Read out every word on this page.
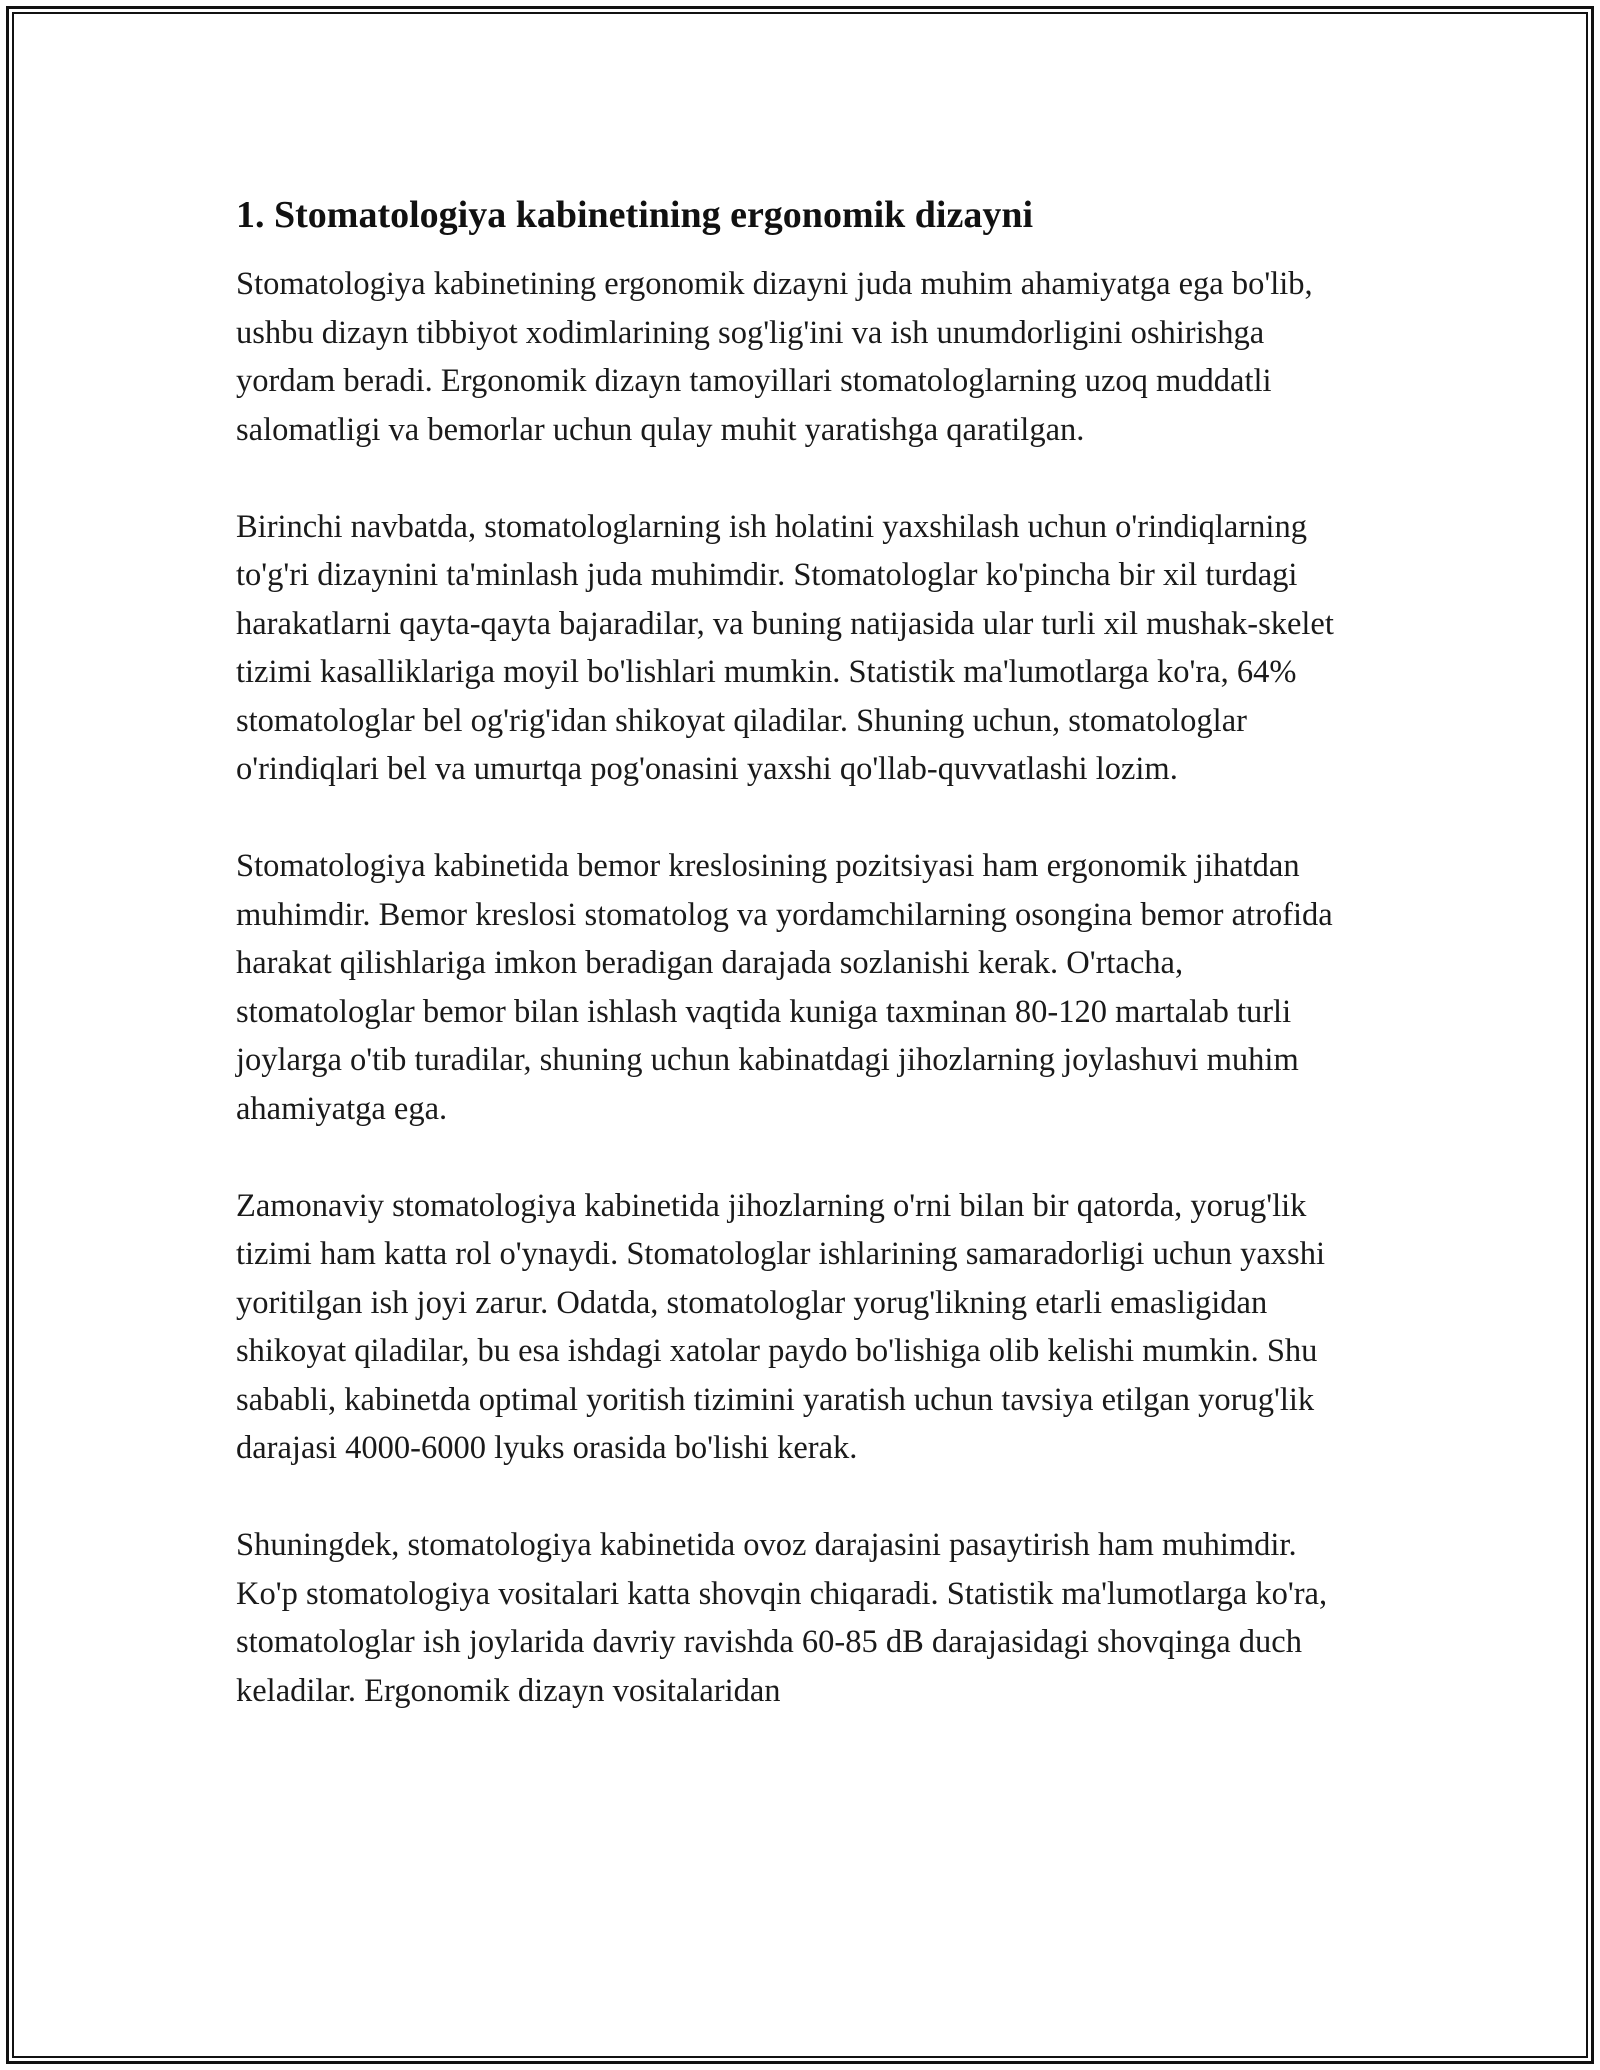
1. Stomatologiya kabinetining ergonomik dizayni

Stomatologiya kabinetining ergonomik dizayni juda muhim ahamiyatga ega bo'lib, ushbu dizayn tibbiyot xodimlarining sog'lig'ini va ish unumdorligini oshirishga yordam beradi. Ergonomik dizayn tamoyillari stomatologlarning uzoq muddatli salomatligi va bemorlar uchun qulay muhit yaratishga qaratilgan.

Birinchi navbatda, stomatologlarning ish holatini yaxshilash uchun o'rindiqlarning to'g'ri dizaynini ta'minlash juda muhimdir. Stomatologlar ko'pincha bir xil turdagi harakatlarni qayta-qayta bajaradilar, va buning natijasida ular turli xil mushak-skelet tizimi kasalliklariga moyil bo'lishlari mumkin. Statistik ma'lumotlarga ko'ra, 64% stomatologlar bel og'rig'idan shikoyat qiladilar. Shuning uchun, stomatologlar o'rindiqlari bel va umurtqa pog'onasini yaxshi qo'llab-quvvatlashi lozim.

Stomatologiya kabinetida bemor kreslosining pozitsiyasi ham ergonomik jihatdan muhimdir. Bemor kreslosi stomatolog va yordamchilarning osongina bemor atrofida harakat qilishlariga imkon beradigan darajada sozlanishi kerak. O'rtacha, stomatologlar bemor bilan ishlash vaqtida kuniga taxminan 80-120 martalab turli joylarga o'tib turadilar, shuning uchun kabinatdagi jihozlarning joylashuvi muhim ahamiyatga ega.

Zamonaviy stomatologiya kabinetida jihozlarning o'rni bilan bir qatorda, yorug'lik tizimi ham katta rol o'ynaydi. Stomatologlar ishlarining samaradorligi uchun yaxshi yoritilgan ish joyi zarur. Odatda, stomatologlar yorug'likning etarli emasligidan shikoyat qiladilar, bu esa ishdagi xatolar paydo bo'lishiga olib kelishi mumkin. Shu sababli, kabinetda optimal yoritish tizimini yaratish uchun tavsiya etilgan yorug'lik darajasi 4000-6000 lyuks orasida bo'lishi kerak.

Shuningdek, stomatologiya kabinetida ovoz darajasini pasaytirish ham muhimdir. Ko'p stomatologiya vositalari katta shovqin chiqaradi. Statistik ma'lumotlarga ko'ra, stomatologlar ish joylarida davriy ravishda 60-85 dB darajasidagi shovqinga duch keladilar. Ergonomik dizayn vositalaridan
